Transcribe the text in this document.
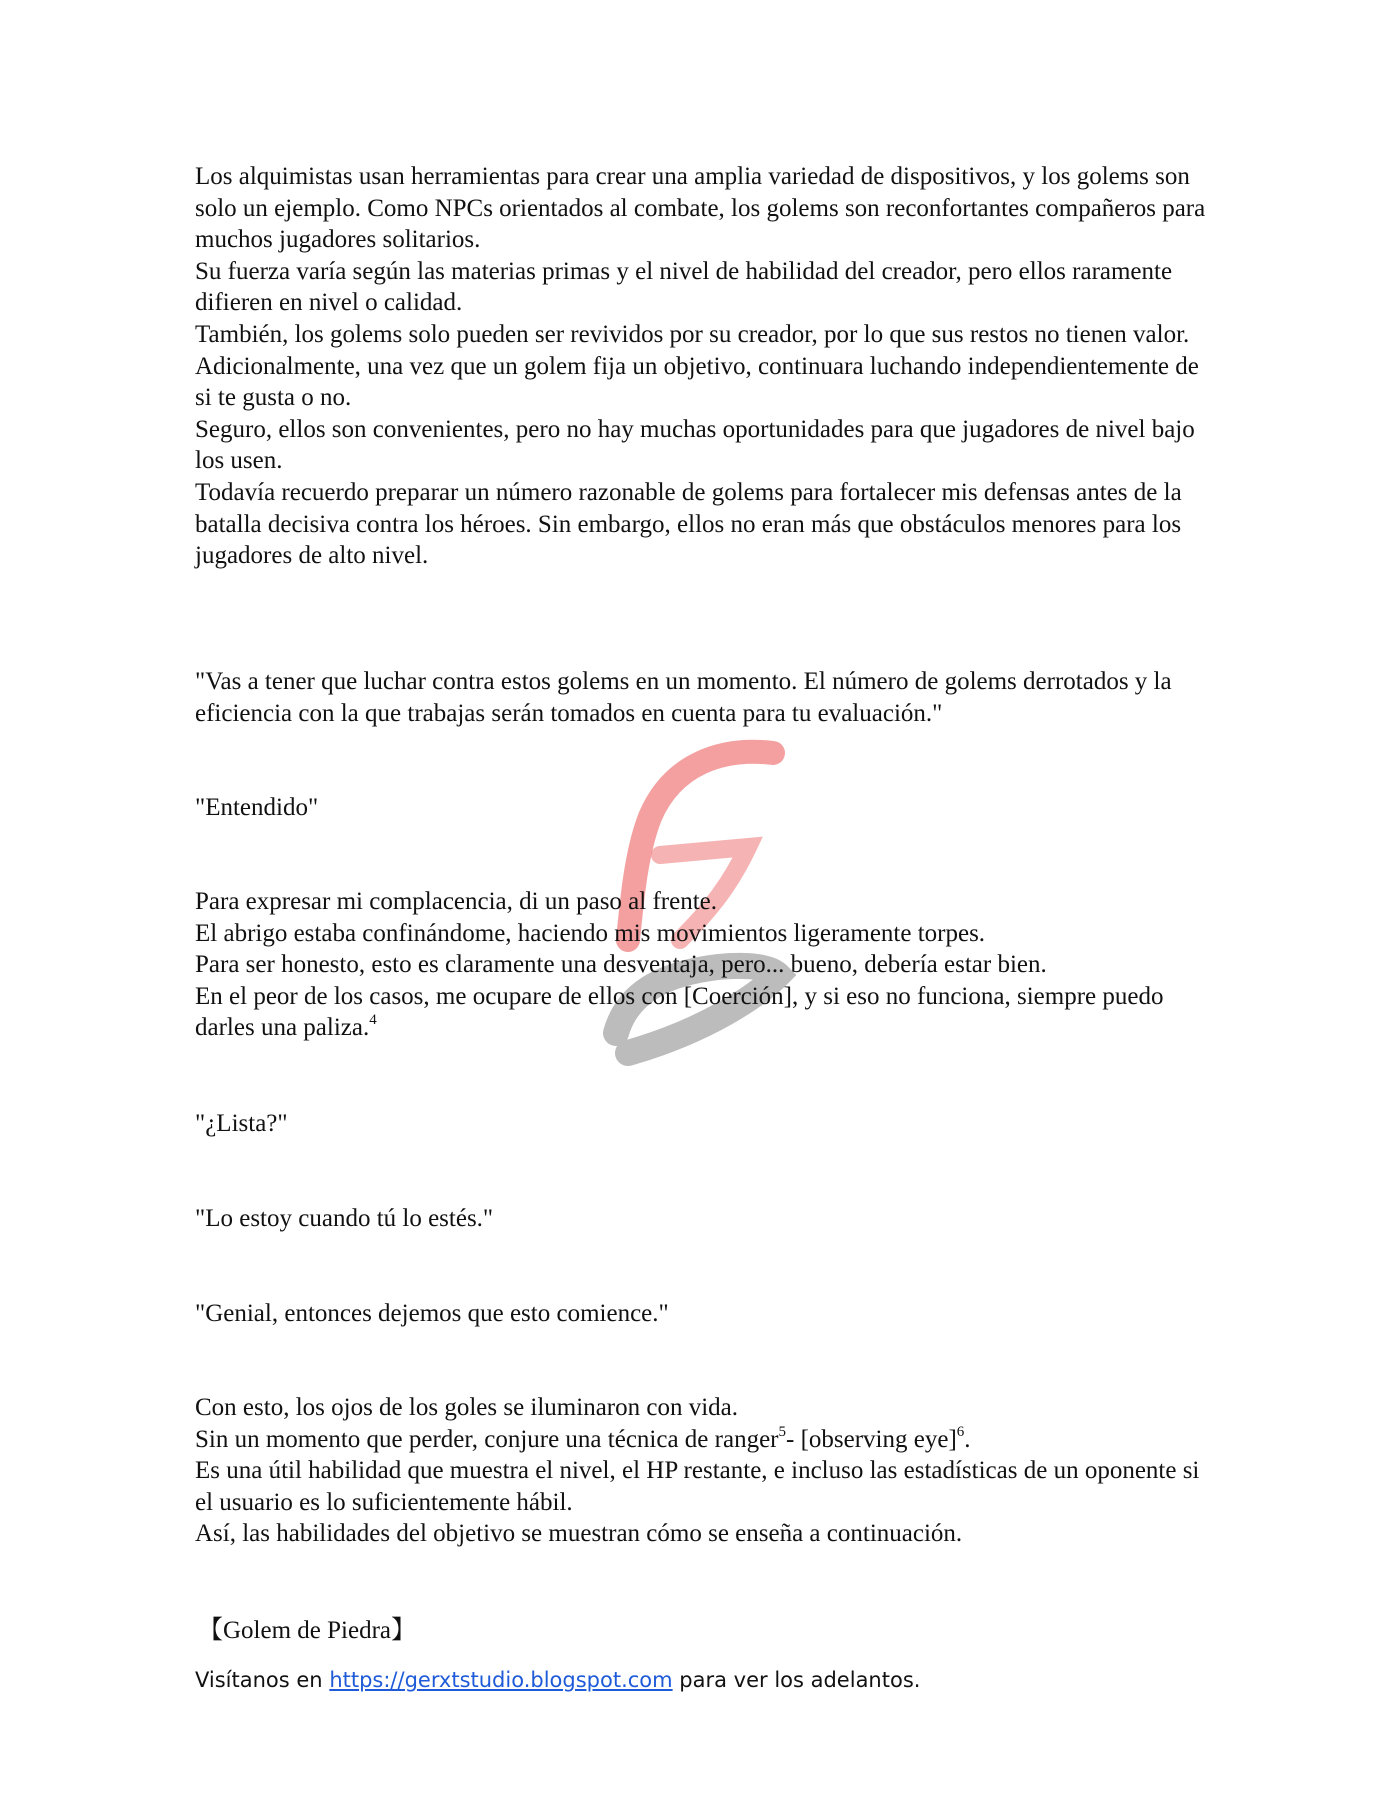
Los alquimistas usan herramientas para crear una amplia variedad de dispositivos, y los golems son solo un ejemplo. Como NPCs orientados al combate, los golems son reconfortantes compañeros para muchos jugadores solitarios.

Su fuerza varía según las materias primas y el nivel de habilidad del creador, pero ellos raramente difieren en nivel o calidad.

También, los golems solo pueden ser revividos por su creador, por lo que sus restos no tienen valor.

Adicionalmente, una vez que un golem fija un objetivo, continuara luchando independientemente de si te gusta o no.

Seguro, ellos son convenientes, pero no hay muchas oportunidades para que jugadores de nivel bajo los usen.

Todavía recuerdo preparar un número razonable de golems para fortalecer mis defensas antes de la batalla decisiva contra los héroes. Sin embargo, ellos no eran más que obstáculos menores para los jugadores de alto nivel.

"Vas a tener que luchar contra estos golems en un momento. El número de golems derrotados y la eficiencia con la que trabajas serán tomados en cuenta para tu evaluación."

"Entendido"

Para expresar mi complacencia, di un paso al frente.

El abrigo estaba confinándome, haciendo mis movimientos ligeramente torpes.

Para ser honesto, esto es claramente una desventaja, pero... bueno, debería estar bien.

En el peor de los casos, me ocupare de ellos con [Coerción], y si eso no funciona, siempre puedo darles una paliza.$^4$

"¿Lista?"

"Lo estoy cuando tú lo estés."

"Genial, entonces dejemos que esto comience."

Con esto, los ojos de los goles se iluminaron con vida.

Sin un momento que perder, conjure una técnica de ranger$^5$- [observing eye]$^6$.

Es una útil habilidad que muestra el nivel, el HP restante, e incluso las estadísticas de un oponente si el usuario es lo suficientemente hábil.

Así, las habilidades del objetivo se muestran cómo se enseña a continuación.

【Golem de Piedra】

Visítanos en https://gerxtstudio.blogspot.com para ver los adelantos.
